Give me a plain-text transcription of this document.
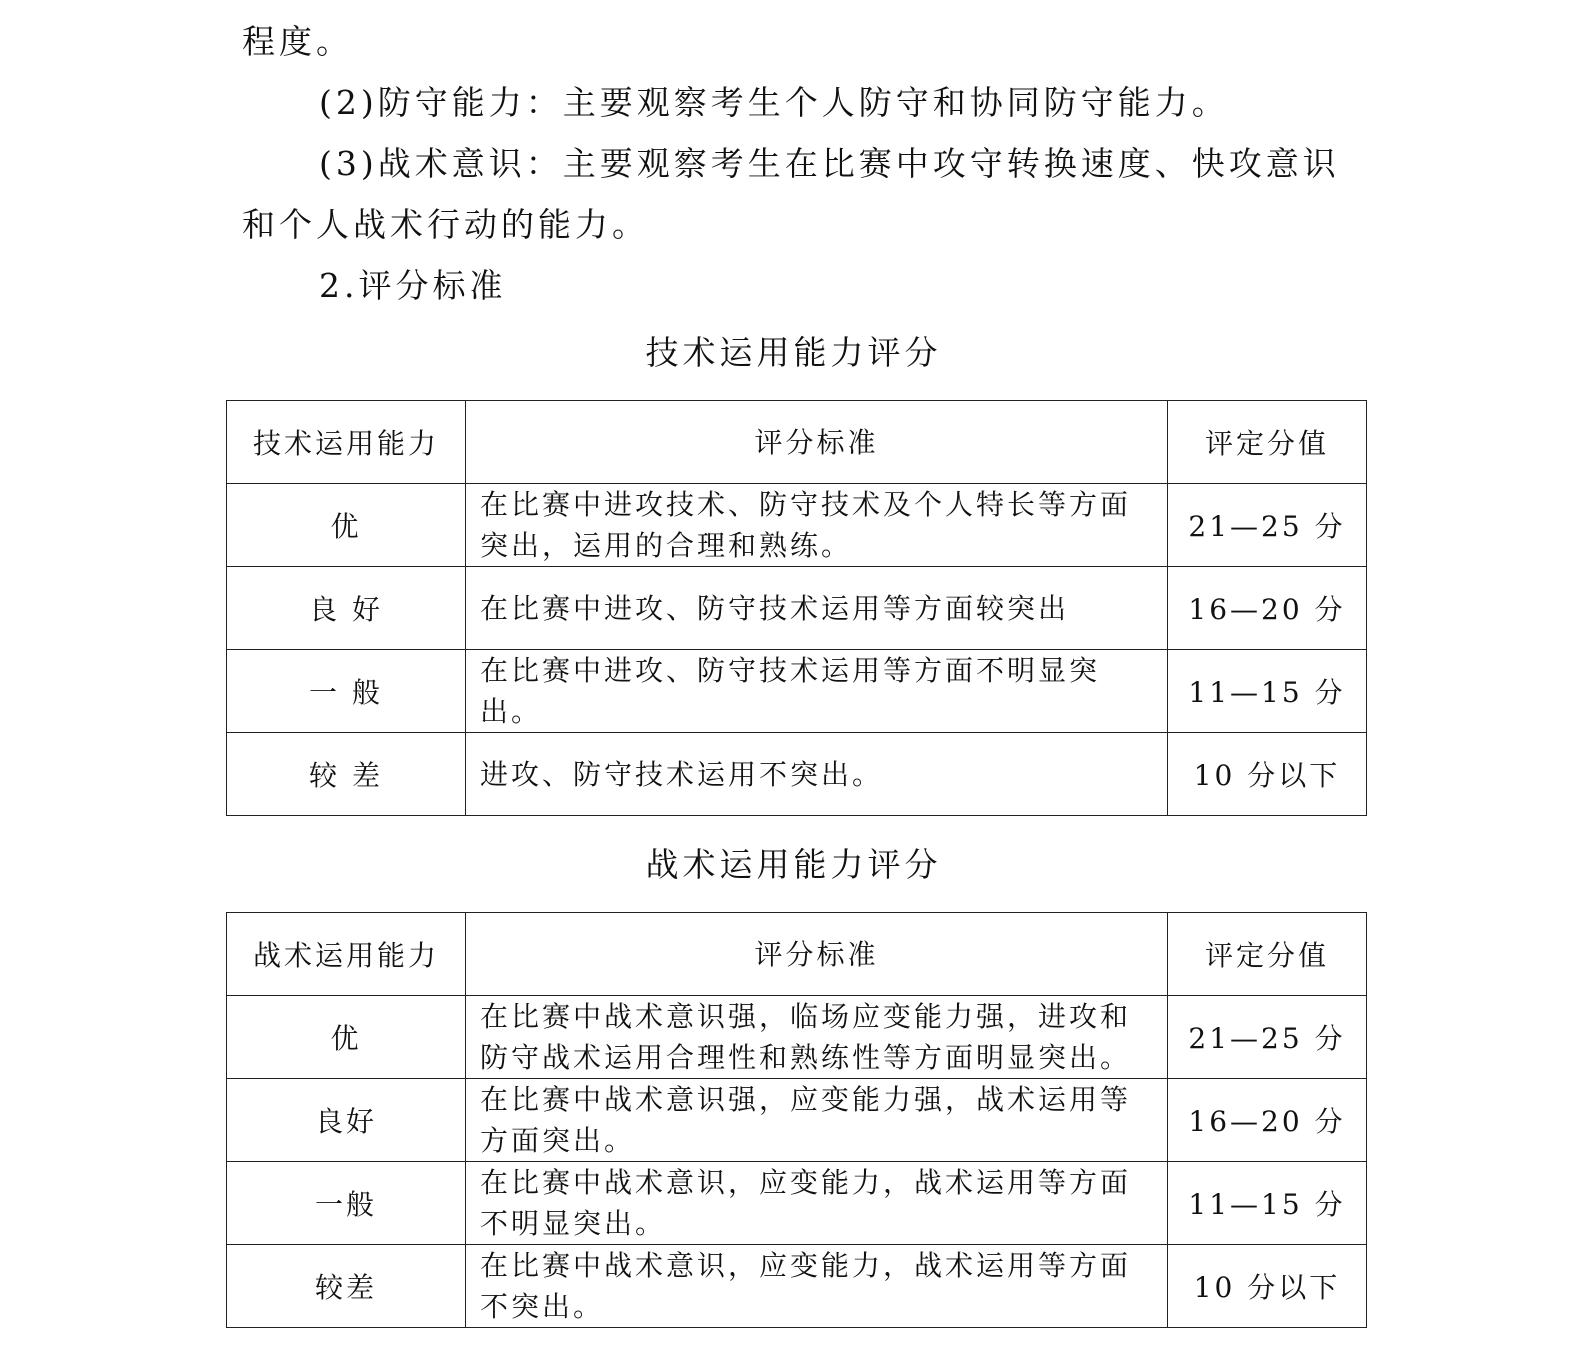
程度。
(2)防守能力：主要观察考生个人防守和协同防守能力。
(3)战术意识：主要观察考生在比赛中攻守转换速度、快攻意识
和个人战术行动的能力。
2.评分标准
技术运用能力评分
技术运用能力	评分标准	评定分值
优	在比赛中进攻技术、防守技术及个人特长等方面突出，运用的合理和熟练。	21—25 分
良 好	在比赛中进攻、防守技术运用等方面较突出	16—20 分
一 般	在比赛中进攻、防守技术运用等方面不明显突出。	11—15 分
较 差	进攻、防守技术运用不突出。	10 分以下
战术运用能力评分
战术运用能力	评分标准	评定分值
优	在比赛中战术意识强，临场应变能力强，进攻和防守战术运用合理性和熟练性等方面明显突出。	21—25 分
良好	在比赛中战术意识强，应变能力强，战术运用等方面突出。	16—20 分
一般	在比赛中战术意识，应变能力，战术运用等方面不明显突出。	11—15 分
较差	在比赛中战术意识，应变能力，战术运用等方面不突出。	10 分以下
